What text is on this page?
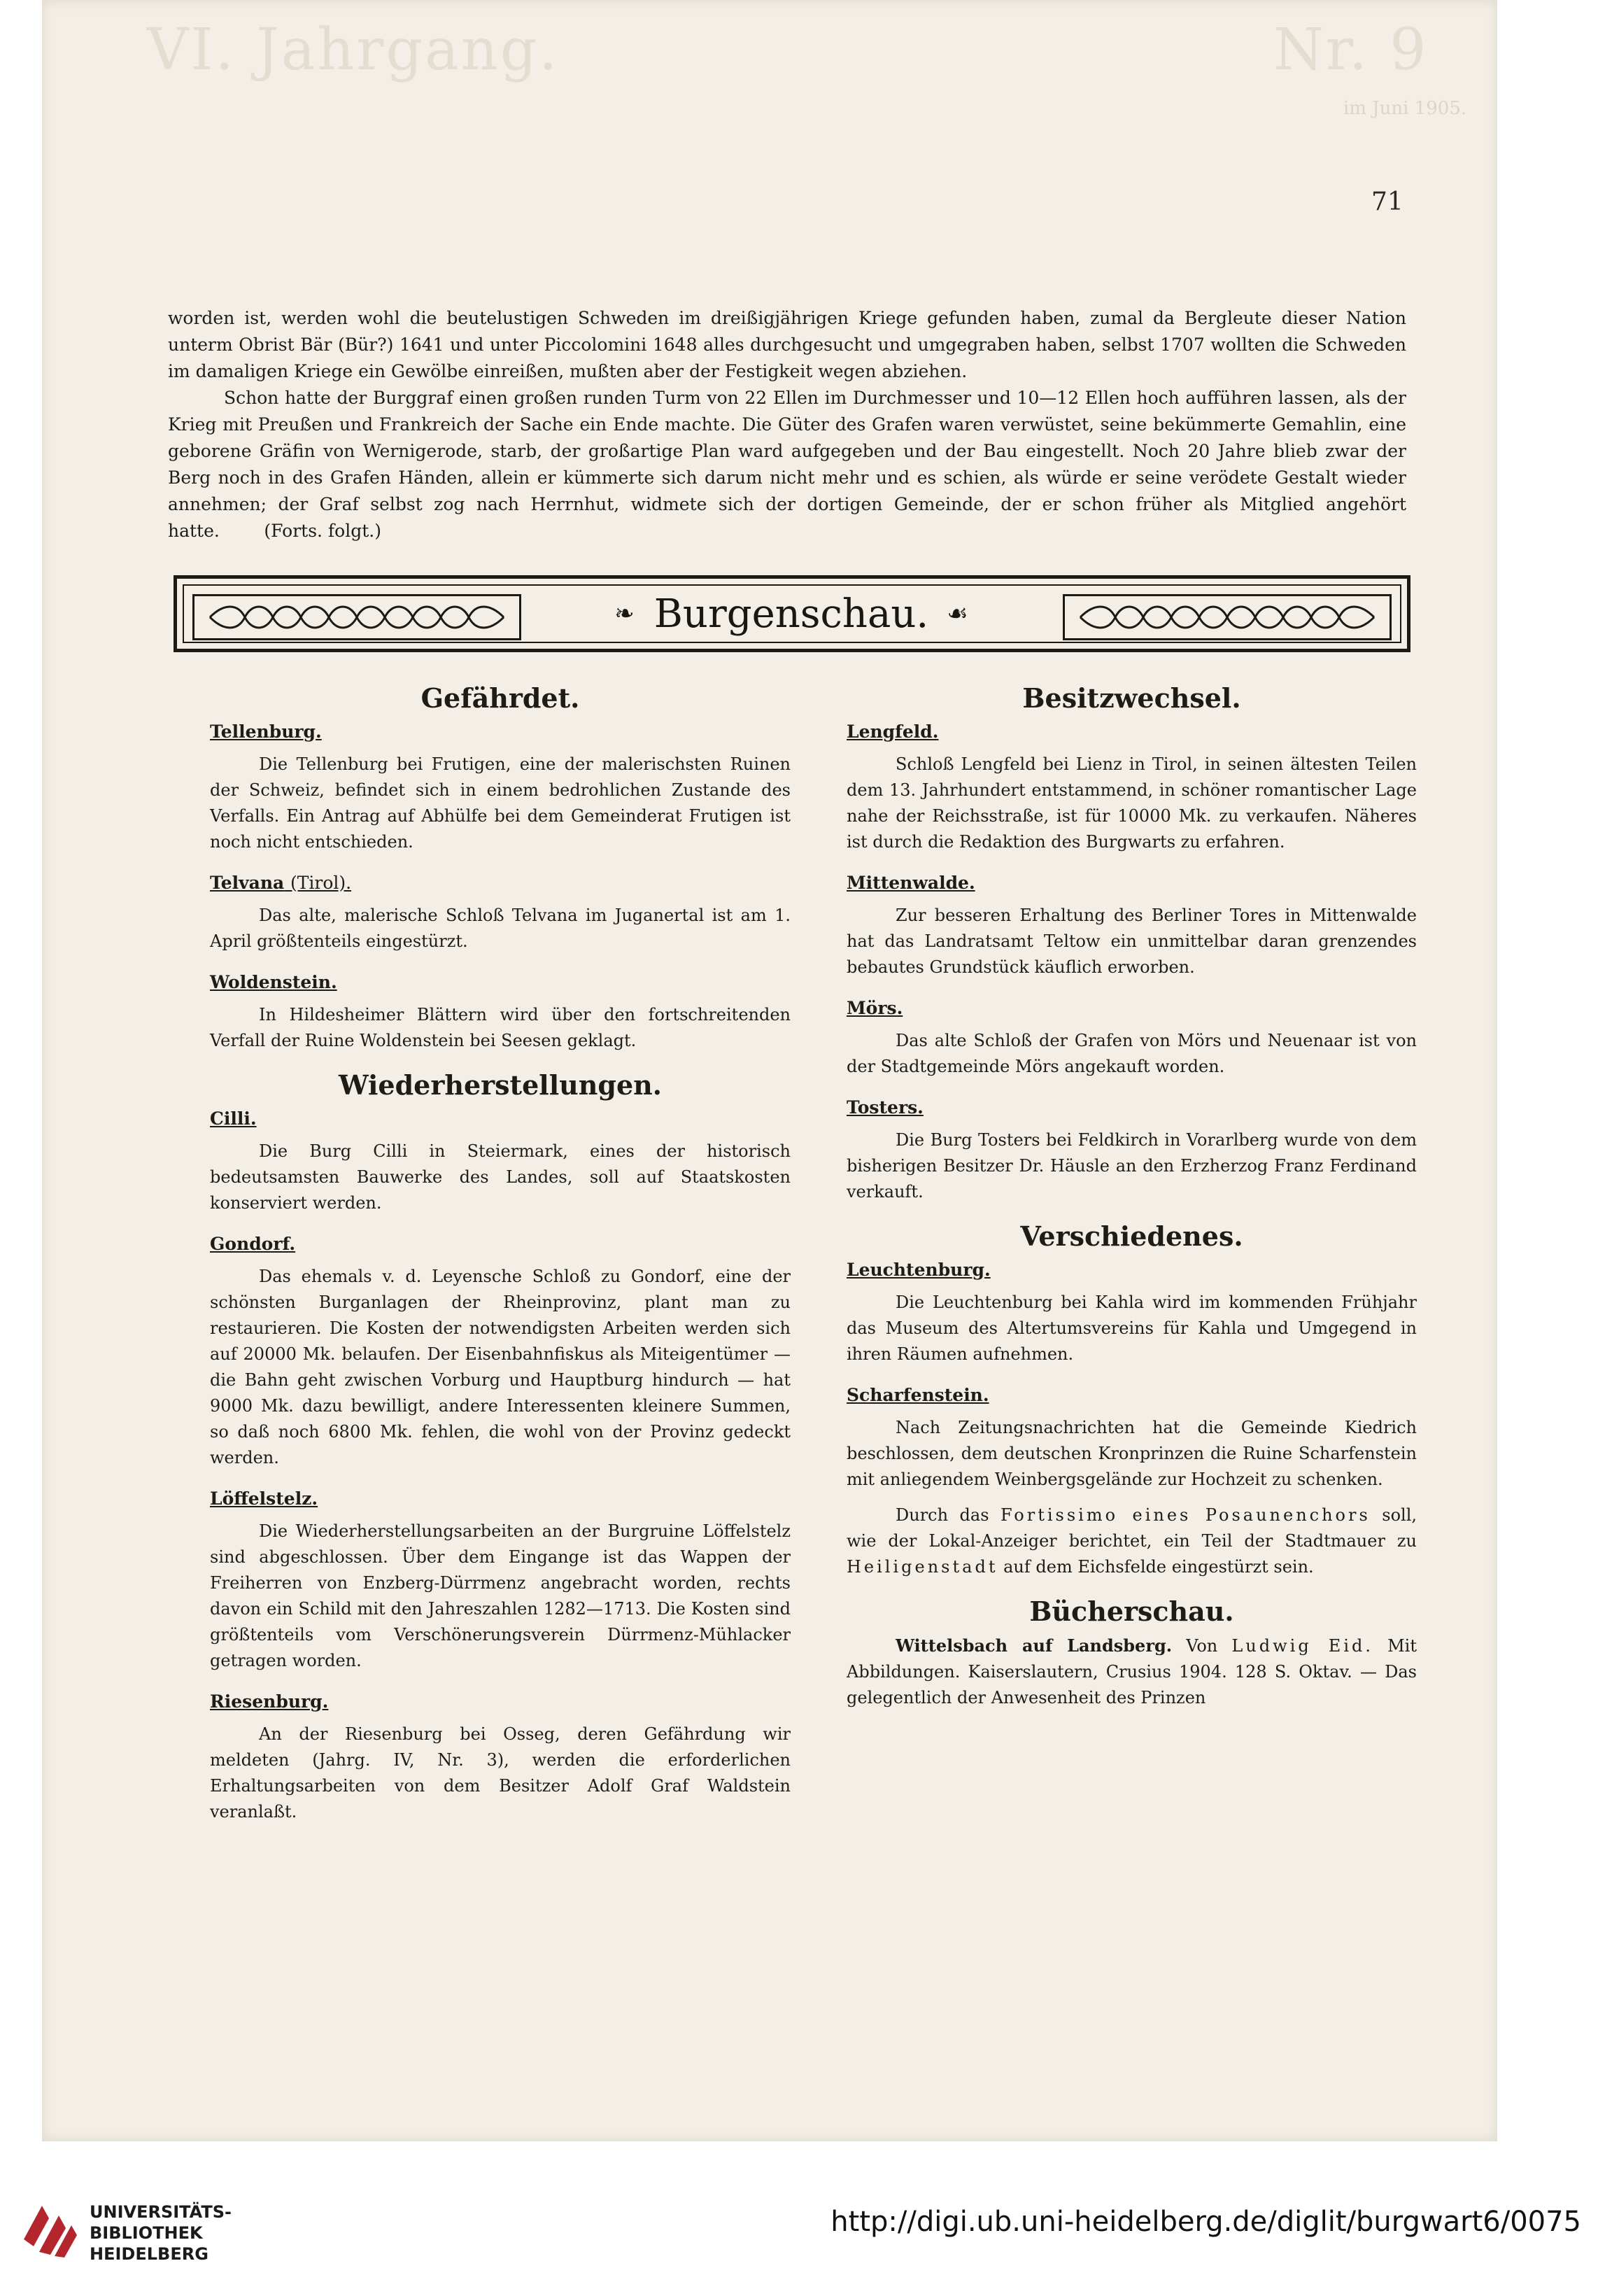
VI. Jahrgang.	Nr. 9
im Juni 1905.
71

worden ist, werden wohl die beutelustigen Schweden im dreißigjährigen Kriege gefunden haben, zumal da Bergleute dieser Nation unterm Obrist Bär (Bür?) 1641 und unter Piccolomini 1648 alles durchgesucht und umgegraben haben, selbst 1707 wollten die Schweden im damaligen Kriege ein Gewölbe einreißen, mußten aber der Festigkeit wegen abziehen.

Schon hatte der Burggraf einen großen runden Turm von 22 Ellen im Durchmesser und 10—12 Ellen hoch aufführen lassen, als der Krieg mit Preußen und Frankreich der Sache ein Ende machte. Die Güter des Grafen waren verwüstet, seine bekümmerte Gemahlin, eine geborene Gräfin von Wernigerode, starb, der großartige Plan ward aufgegeben und der Bau eingestellt. Noch 20 Jahre blieb zwar der Berg noch in des Grafen Händen, allein er kümmerte sich darum nicht mehr und es schien, als würde er seine verödete Gestalt wieder annehmen; der Graf selbst zog nach Herrnhut, widmete sich der dortigen Gemeinde, der er schon früher als Mitglied angehört hatte.	(Forts. folgt.)

❧ Burgenschau. ☙
Gefährdet.
Tellenburg.

Die Tellenburg bei Frutigen, eine der malerischsten Ruinen der Schweiz, befindet sich in einem bedrohlichen Zustande des Verfalls. Ein Antrag auf Abhülfe bei dem Gemeinderat Frutigen ist noch nicht entschieden.

Telvana (Tirol).

Das alte, malerische Schloß Telvana im Juganertal ist am 1. April größtenteils eingestürzt.

Woldenstein.

In Hildesheimer Blättern wird über den fortschreitenden Verfall der Ruine Woldenstein bei Seesen geklagt.

Wiederherstellungen.
Cilli.

Die Burg Cilli in Steiermark, eines der historisch bedeutsamsten Bauwerke des Landes, soll auf Staatskosten konserviert werden.

Gondorf.

Das ehemals v. d. Leyensche Schloß zu Gondorf, eine der schönsten Burganlagen der Rheinprovinz, plant man zu restaurieren. Die Kosten der notwendigsten Arbeiten werden sich auf 20000 Mk. belaufen. Der Eisenbahnfiskus als Miteigentümer — die Bahn geht zwischen Vorburg und Hauptburg hindurch — hat 9000 Mk. dazu bewilligt, andere Interessenten kleinere Summen, so daß noch 6800 Mk. fehlen, die wohl von der Provinz gedeckt werden.

Löffelstelz.

Die Wiederherstellungsarbeiten an der Burgruine Löffelstelz sind abgeschlossen. Über dem Eingange ist das Wappen der Freiherren von Enzberg-Dürrmenz angebracht worden, rechts davon ein Schild mit den Jahreszahlen 1282—1713. Die Kosten sind größtenteils vom Verschönerungsverein Dürrmenz-Mühlacker getragen worden.

Riesenburg.

An der Riesenburg bei Osseg, deren Gefährdung wir meldeten (Jahrg. IV, Nr. 3), werden die erforderlichen Erhaltungsarbeiten von dem Besitzer Adolf Graf Waldstein veranlaßt.

Besitzwechsel.
Lengfeld.

Schloß Lengfeld bei Lienz in Tirol, in seinen ältesten Teilen dem 13. Jahrhundert entstammend, in schöner romantischer Lage nahe der Reichsstraße, ist für 10000 Mk. zu verkaufen. Näheres ist durch die Redaktion des Burgwarts zu erfahren.

Mittenwalde.

Zur besseren Erhaltung des Berliner Tores in Mittenwalde hat das Landratsamt Teltow ein unmittelbar daran grenzendes bebautes Grundstück käuflich erworben.

Mörs.

Das alte Schloß der Grafen von Mörs und Neuenaar ist von der Stadtgemeinde Mörs angekauft worden.

Tosters.

Die Burg Tosters bei Feldkirch in Vorarlberg wurde von dem bisherigen Besitzer Dr. Häusle an den Erzherzog Franz Ferdinand verkauft.

Verschiedenes.
Leuchtenburg.

Die Leuchtenburg bei Kahla wird im kommenden Frühjahr das Museum des Altertumsvereins für Kahla und Umgegend in ihren Räumen aufnehmen.

Scharfenstein.

Nach Zeitungsnachrichten hat die Gemeinde Kiedrich beschlossen, dem deutschen Kronprinzen die Ruine Scharfenstein mit anliegendem Weinbergsgelände zur Hochzeit zu schenken.

Durch das Fortissimo eines Posaunenchors soll, wie der Lokal-Anzeiger berichtet, ein Teil der Stadtmauer zu Heiligenstadt auf dem Eichsfelde eingestürzt sein.

Bücherschau.

Wittelsbach auf Landsberg. Von Ludwig Eid. Mit Abbildungen. Kaiserslautern, Crusius 1904. 128 S. Oktav. — Das gelegentlich der Anwesenheit des Prinzen

UNIVERSITÄTS-
BIBLIOTHEK
HEIDELBERG
http://digi.ub.uni-heidelberg.de/diglit/burgwart6/0075
